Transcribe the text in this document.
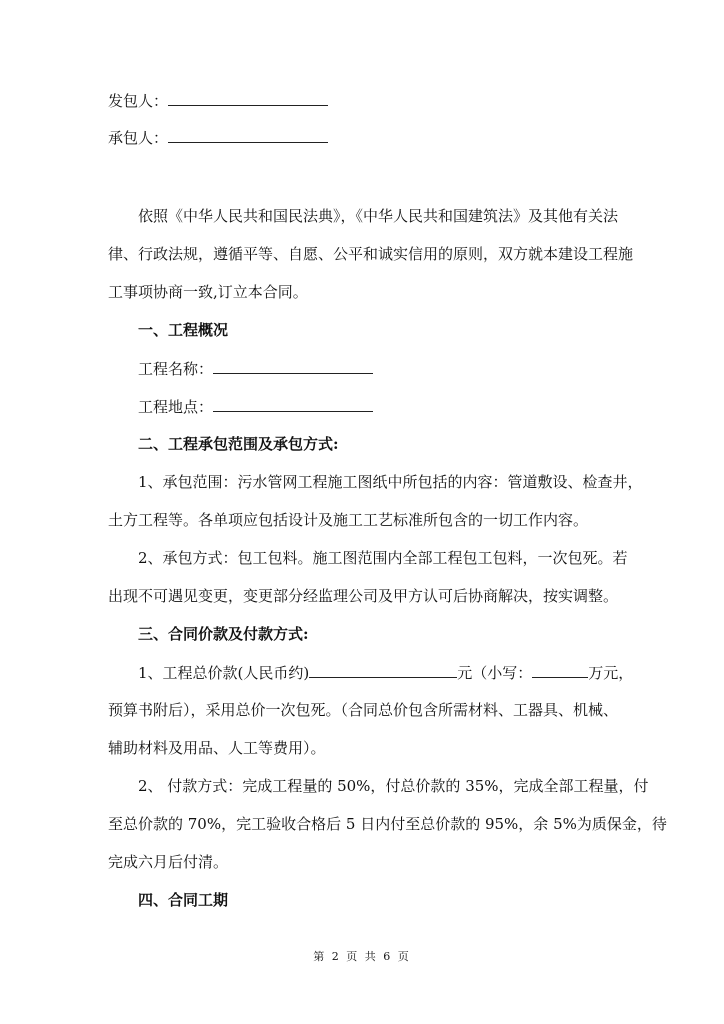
发包人：
承包人：
依照《中华人民共和国民法典》，《中华人民共和国建筑法》及其他有关法
律、行政法规，遵循平等、自愿、公平和诚实信用的原则，双方就本建设工程施
工事项协商一致,订立本合同。
一、工程概况
工程名称：
工程地点：
二、工程承包范围及承包方式:
1、承包范围：污水管网工程施工图纸中所包括的内容：管道敷设、检查井，
土方工程等。各单项应包括设计及施工工艺标准所包含的一切工作内容。
2、承包方式：包工包料。施工图范围内全部工程包工包料，一次包死。若
出现不可遇见变更，变更部分经监理公司及甲方认可后协商解决，按实调整。
三、合同价款及付款方式:
1、工程总价款(人民币约)	元（小写：	万元，
预算书附后），采用总价一次包死。（合同总价包含所需材料、工器具、机械、
辅助材料及用品、人工等费用）。
2、 付款方式：完成工程量的 50%，付总价款的 35%，完成全部工程量，付
至总价款的 70%，完工验收合格后 5 日内付至总价款的 95%，余 5%为质保金，待
完成六月后付清。
四、合同工期
第 2 页 共 6 页
